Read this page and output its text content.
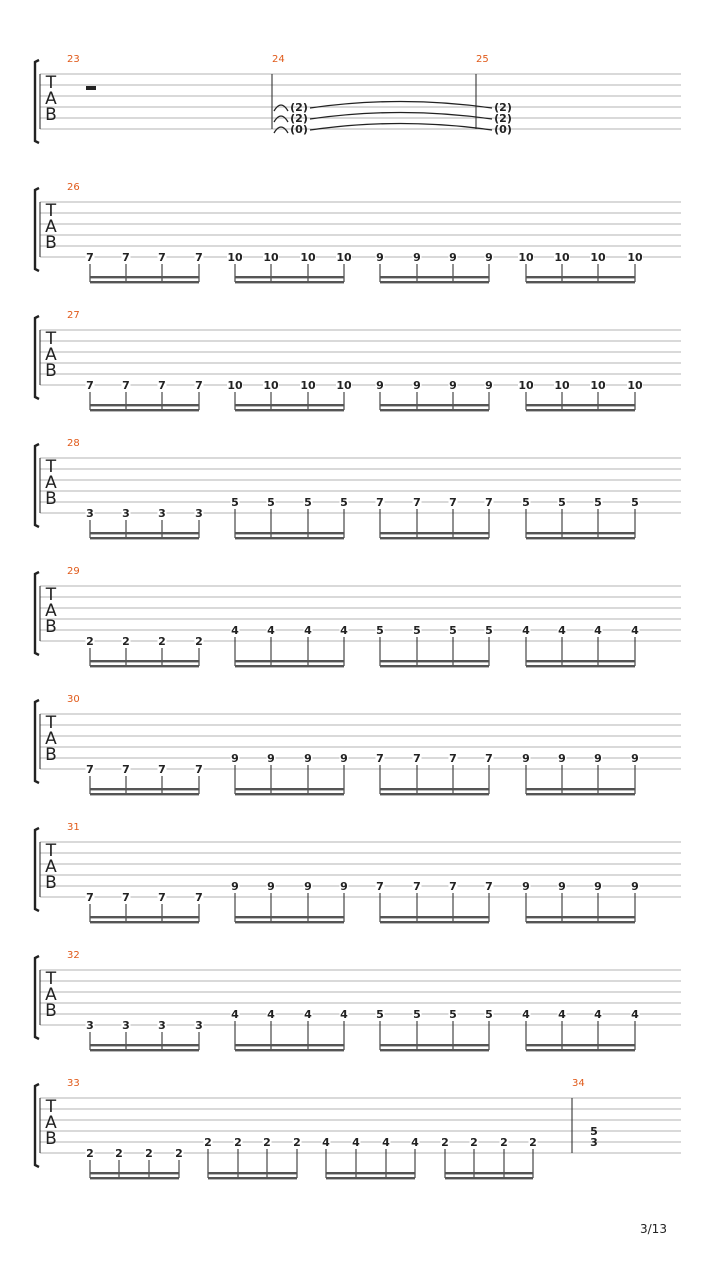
T
A
B
23	24	25
(2)
(2)
(0)
(2)
(2)
(0)
T
A
B
26
7	7	7	7 10 10 10 10 9	9	9	9 10 10 10 10
T
A
B
27
7	7	7	7 10 10 10 10 9	9	9	9 10 10 10 10
T
A
B
28
3	3	3	3
5	5	5	5	7	7	7	7	5	5	5	5
T
A
B
29
2	2	2	2
4	4	4	4	5	5	5	5	4	4	4	4
T
A
B
30
7	7	7	7
9	9	9	9	7	7	7	7	9	9	9	9
T
A
B
31
7	7	7	7
9	9	9	9	7	7	7	7	9	9	9	9
T
A
B
32
3	3	3	3
4	4	4	4	5	5	5	5	4	4	4	4
T
A
B
33	34
2 2 2 2
2 2 2 2 4 4 4 4 2 2 2 2
5
3
3/13
